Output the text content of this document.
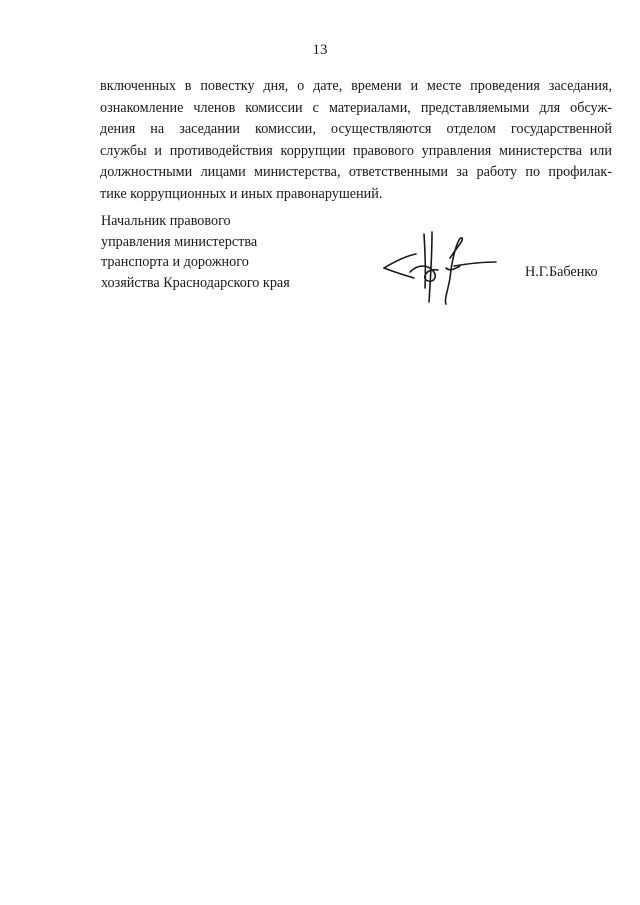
13
включенных в повестку дня, о дате, времени и месте проведения заседания,
ознакомление членов комиссии с материалами, представляемыми для обсуж-
дения на заседании комиссии, осуществляются отделом государственной
службы и противодействия коррупции правового управления министерства или
должностными лицами министерства, ответственными за работу по профилак-
тике коррупционных и иных правонарушений.
Начальник правового
управления министерства
транспорта и дорожного
хозяйства Краснодарского края
Н.Г.Бабенко
